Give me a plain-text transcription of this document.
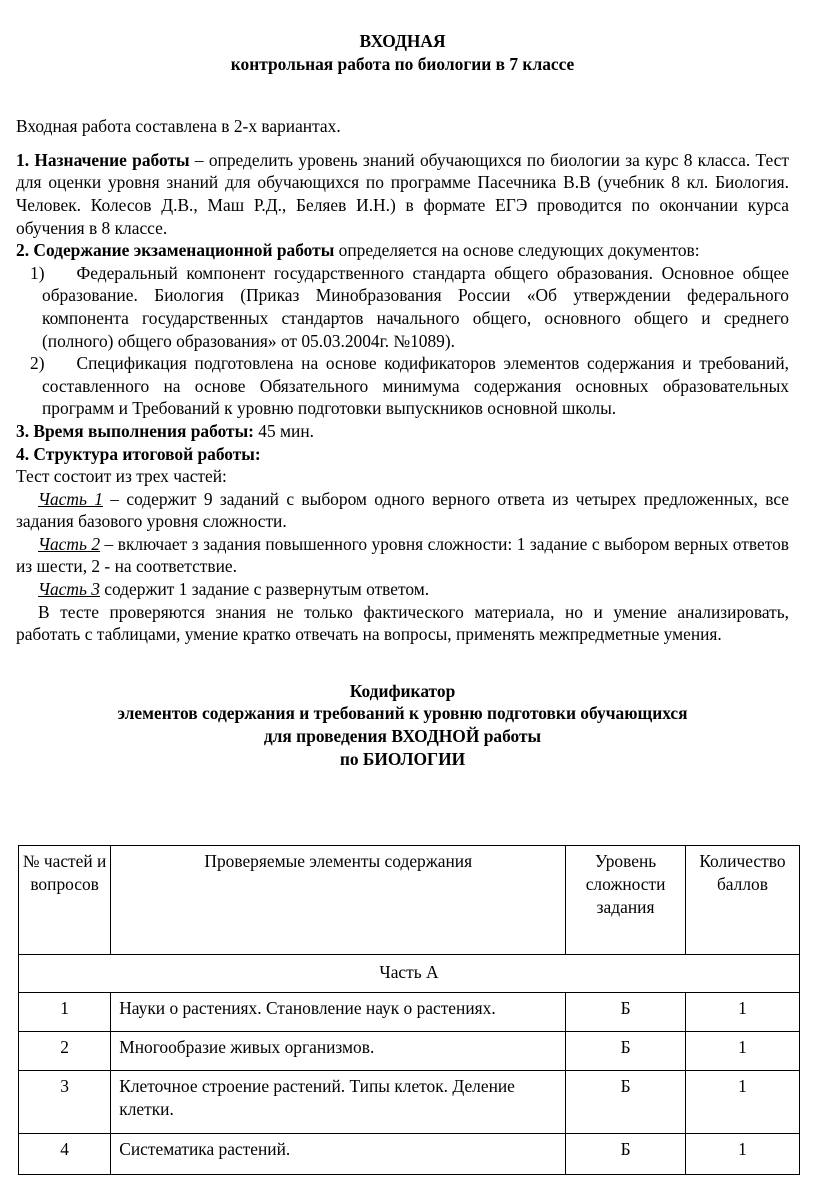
ВХОДНАЯ
контрольная работа по биологии в 7 классе

Входная работа составлена в 2-х вариантах.

1. Назначение работы – определить уровень знаний обучающихся по биологии за курс 8 класса. Тест для оценки уровня знаний для обучающихся по программе Пасечника В.В (учебник 8 кл. Биология. Человек. Колесов Д.В., Маш Р.Д., Беляев И.Н.) в формате ЕГЭ проводится по окончании курса обучения в 8 классе.

2. Содержание экзаменационной работы определяется на основе следующих документов:

1) Федеральный компонент государственного стандарта общего образования. Основное общее образование. Биология (Приказ Минобразования России «Об утверждении федерального компонента государственных стандартов начального общего, основного общего и среднего (полного) общего образования» от 05.03.2004г. №1089).
2) Спецификация подготовлена на основе кодификаторов элементов содержания и требований, составленного на основе Обязательного минимума содержания основных образовательных программ и Требований к уровню подготовки выпускников основной школы.

3. Время выполнения работы: 45 мин.

4. Структура итоговой работы:

Тест состоит из трех частей:

Часть 1 – содержит 9 заданий с выбором одного верного ответа из четырех предложенных, все задания базового уровня сложности.

Часть 2 – включает з задания повышенного уровня сложности: 1 задание с выбором верных ответов из шести, 2 - на соответствие.

Часть 3 содержит 1 задание с развернутым ответом.

В тесте проверяются знания не только фактического материала, но и умение анализировать, работать с таблицами, умение кратко отвечать на вопросы, применять межпредметные умения.

Кодификатор
элементов содержания и требований к уровню подготовки обучающихся
для проведения ВХОДНОЙ работы
по БИОЛОГИИ
№ частей и вопросов	Проверяемые элементы содержания	Уровень сложности задания	Количество баллов
Часть А			
1	Науки о растениях. Становление наук о растениях.	Б	1
2	Многообразие живых организмов.	Б	1
3	Клеточное строение растений. Типы клеток. Деление клетки.	Б	1
4	Систематика растений.	Б	1
